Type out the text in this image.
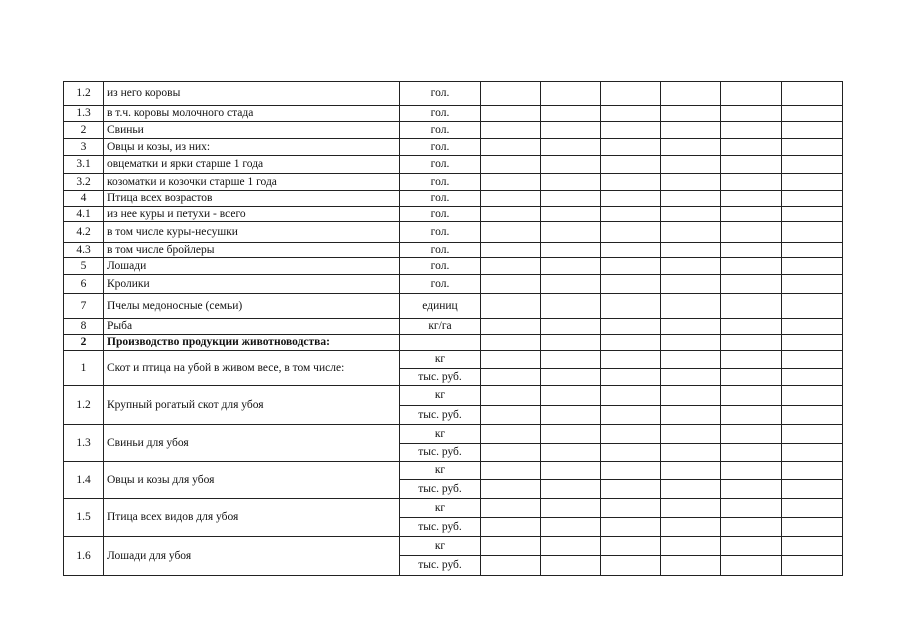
1.2	из него коровы	гол.						
1.3	в т.ч. коровы молочного стада	гол.						
2	Свиньи	гол.						
3	Овцы и козы, из них:	гол.						
3.1	овцематки и ярки старше 1 года	гол.						
3.2	козоматки и козочки старше 1 года	гол.						
4	Птица всех возрастов	гол.						
4.1	из нее куры и петухи - всего	гол.						
4.2	в том числе куры-несушки	гол.						
4.3	в том числе бройлеры	гол.						
5	Лошади	гол.						
6	Кролики	гол.						
7	Пчелы медоносные (семьи)	единиц						
8	Рыба	кг/га						
2	Производство продукции животноводства:							
1	Скот и птица на убой в живом весе, в том числе:	кг						
		тыс. руб.						
1.2	Крупный рогатый скот для убоя	кг						
		тыс. руб.						
1.3	Свиньи для убоя	кг						
		тыс. руб.						
1.4	Овцы и козы для убоя	кг						
		тыс. руб.						
1.5	Птица всех видов для убоя	кг						
		тыс. руб.						
1.6	Лошади для убоя	кг						
		тыс. руб.						
